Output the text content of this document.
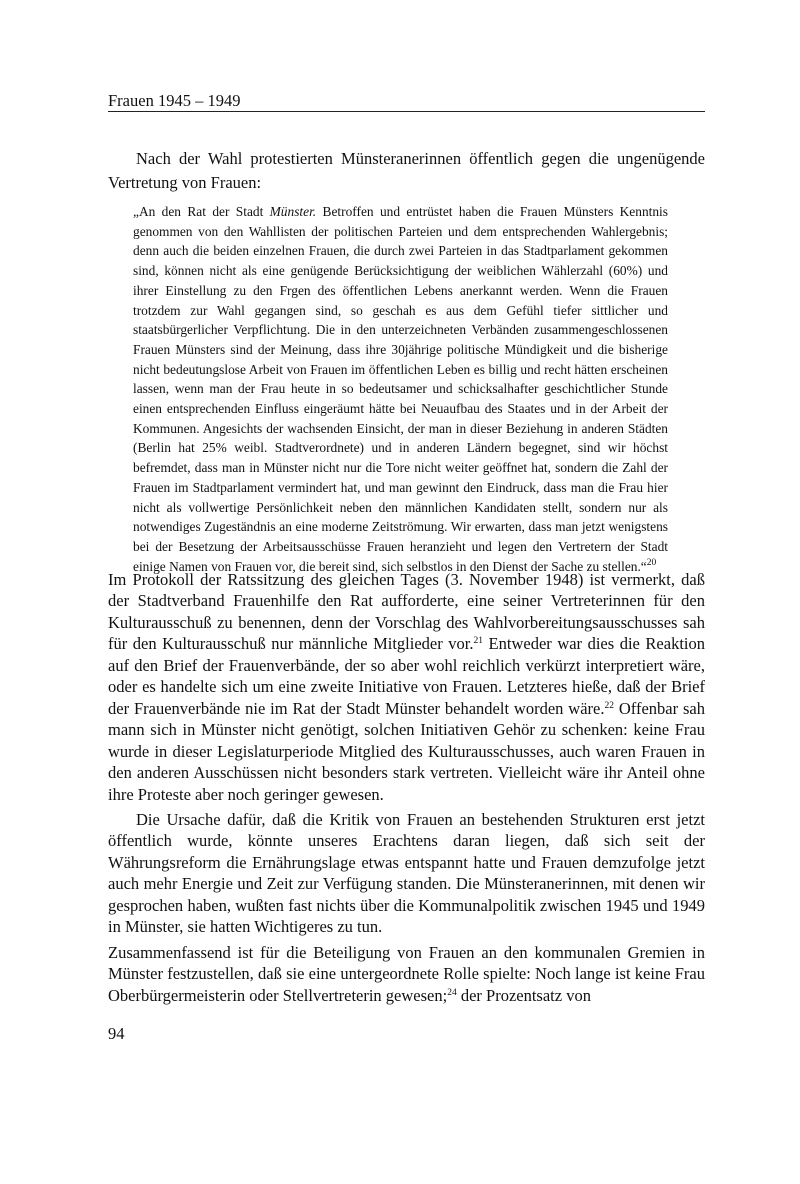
Frauen 1945 – 1949

Nach der Wahl protestierten Münsteranerinnen öffentlich gegen die ungenügende Vertretung von Frauen:

„An den Rat der Stadt Münster. Betroffen und entrüstet haben die Frauen Münsters Kenntnis genommen von den Wahllisten der politischen Parteien und dem entsprechenden Wahlergebnis; denn auch die beiden einzelnen Frauen, die durch zwei Parteien in das Stadtparlament gekommen sind, können nicht als eine genügende Berücksichtigung der weiblichen Wählerzahl (60%) und ihrer Einstellung zu den Frgen des öffentlichen Lebens anerkannt werden. Wenn die Frauen trotzdem zur Wahl gegangen sind, so geschah es aus dem Gefühl tiefer sittlicher und staatsbürgerlicher Verpflichtung. Die in den unterzeichneten Verbänden zusammengeschlossenen Frauen Münsters sind der Meinung, dass ihre 30jährige politische Mündigkeit und die bisherige nicht bedeutungslose Arbeit von Frauen im öffentlichen Leben es billig und recht hätten erscheinen lassen, wenn man der Frau heute in so bedeutsamer und schicksalhafter geschichtlicher Stunde einen entsprechenden Einfluss eingeräumt hätte bei Neuaufbau des Staates und in der Arbeit der Kommunen. Angesichts der wachsenden Einsicht, der man in dieser Beziehung in anderen Städten (Berlin hat 25% weibl. Stadtverordnete) und in anderen Ländern begegnet, sind wir höchst befremdet, dass man in Münster nicht nur die Tore nicht weiter geöffnet hat, sondern die Zahl der Frauen im Stadtparlament vermindert hat, und man gewinnt den Eindruck, dass man die Frau hier nicht als vollwertige Persönlichkeit neben den männlichen Kandidaten stellt, sondern nur als notwendiges Zugeständnis an eine moderne Zeitströmung. Wir erwarten, dass man jetzt wenigstens bei der Besetzung der Arbeitsausschüsse Frauen heranzieht und legen den Vertretern der Stadt einige Namen von Frauen vor, die bereit sind, sich selbstlos in den Dienst der Sache zu stellen.“$^{20}$

Im Protokoll der Ratssitzung des gleichen Tages (3. November 1948) ist vermerkt, daß der Stadtverband Frauenhilfe den Rat aufforderte, eine seiner Vertreterinnen für den Kulturausschuß zu benennen, denn der Vorschlag des Wahlvorbereitungsausschusses sah für den Kulturausschuß nur männliche Mitglieder vor.$^{21}$ Entweder war dies die Reaktion auf den Brief der Frauenverbände, der so aber wohl reichlich verkürzt interpretiert wäre, oder es handelte sich um eine zweite Initiative von Frauen. Letzteres hieße, daß der Brief der Frauenverbände nie im Rat der Stadt Münster behandelt worden wäre.$^{22}$ Offenbar sah mann sich in Münster nicht genötigt, solchen Initiativen Gehör zu schenken: keine Frau wurde in dieser Legislaturperiode Mitglied des Kulturausschusses, auch waren Frauen in den anderen Ausschüssen nicht besonders stark vertreten. Vielleicht wäre ihr Anteil ohne ihre Proteste aber noch geringer gewesen.

Die Ursache dafür, daß die Kritik von Frauen an bestehenden Strukturen erst jetzt öffentlich wurde, könnte unseres Erachtens daran liegen, daß sich seit der Währungsreform die Ernährungslage etwas entspannt hatte und Frauen demzufolge jetzt auch mehr Energie und Zeit zur Verfügung standen. Die Münsteranerinnen, mit denen wir gesprochen haben, wußten fast nichts über die Kommunalpolitik zwischen 1945 und 1949 in Münster, sie hatten Wichtigeres zu tun.

Zusammenfassend ist für die Beteiligung von Frauen an den kommunalen Gremien in Münster festzustellen, daß sie eine untergeordnete Rolle spielte: Noch lange ist keine Frau Oberbürgermeisterin oder Stellvertreterin gewesen;$^{24}$ der Prozentsatz von

94
